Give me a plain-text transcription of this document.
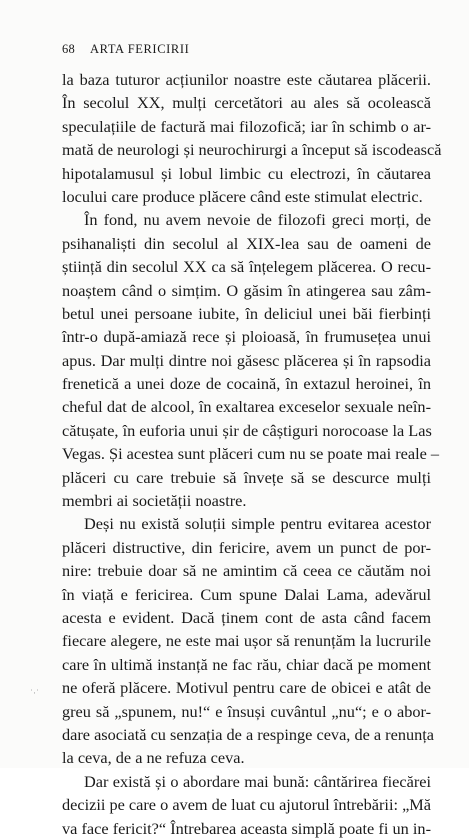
68 ARTA FERICIRII
la baza tuturor acțiunilor noastre este căutarea plăcerii.
În secolul XX, mulți cercetători au ales să ocolească
speculațiile de factură mai filozofică; iar în schimb o ar-
mată de neurologi și neurochirurgi a început să iscodească
hipotalamusul și lobul limbic cu electrozi, în căutarea
locului care produce plăcere când este stimulat electric.
În fond, nu avem nevoie de filozofi greci morți, de
psihanaliști din secolul al XIX-lea sau de oameni de
știință din secolul XX ca să înțelegem plăcerea. O recu-
noaștem când o simțim. O găsim în atingerea sau zâm-
betul unei persoane iubite, în deliciul unei băi fierbinți
într-o după-amiază rece și ploioasă, în frumusețea unui
apus. Dar mulți dintre noi găsesc plăcerea și în rapsodia
frenetică a unei doze de cocaină, în extazul heroinei, în
cheful dat de alcool, în exaltarea exceselor sexuale neîn-
cătușate, în euforia unui șir de câștiguri norocoase la Las
Vegas. Și acestea sunt plăceri cum nu se poate mai reale –
plăceri cu care trebuie să învețe să se descurce mulți
membri ai societății noastre.
Deși nu există soluții simple pentru evitarea acestor
plăceri distructive, din fericire, avem un punct de por-
nire: trebuie doar să ne amintim că ceea ce căutăm noi
în viață e fericirea. Cum spune Dalai Lama, adevărul
acesta e evident. Dacă ținem cont de asta când facem
fiecare alegere, ne este mai ușor să renunțăm la lucrurile
care în ultimă instanță ne fac rău, chiar dacă pe moment
ne oferă plăcere. Motivul pentru care de obicei e atât de
greu să „spunem, nu!“ e însuși cuvântul „nu“; e o abor-
dare asociată cu senzația de a respinge ceva, de a renunța
la ceva, de a ne refuza ceva.
Dar există și o abordare mai bună: cântărirea fiecărei
decizii pe care o avem de luat cu ajutorul întrebării: „Mă
va face fericit?“ Întrebarea aceasta simplă poate fi un in-
˙·˙
